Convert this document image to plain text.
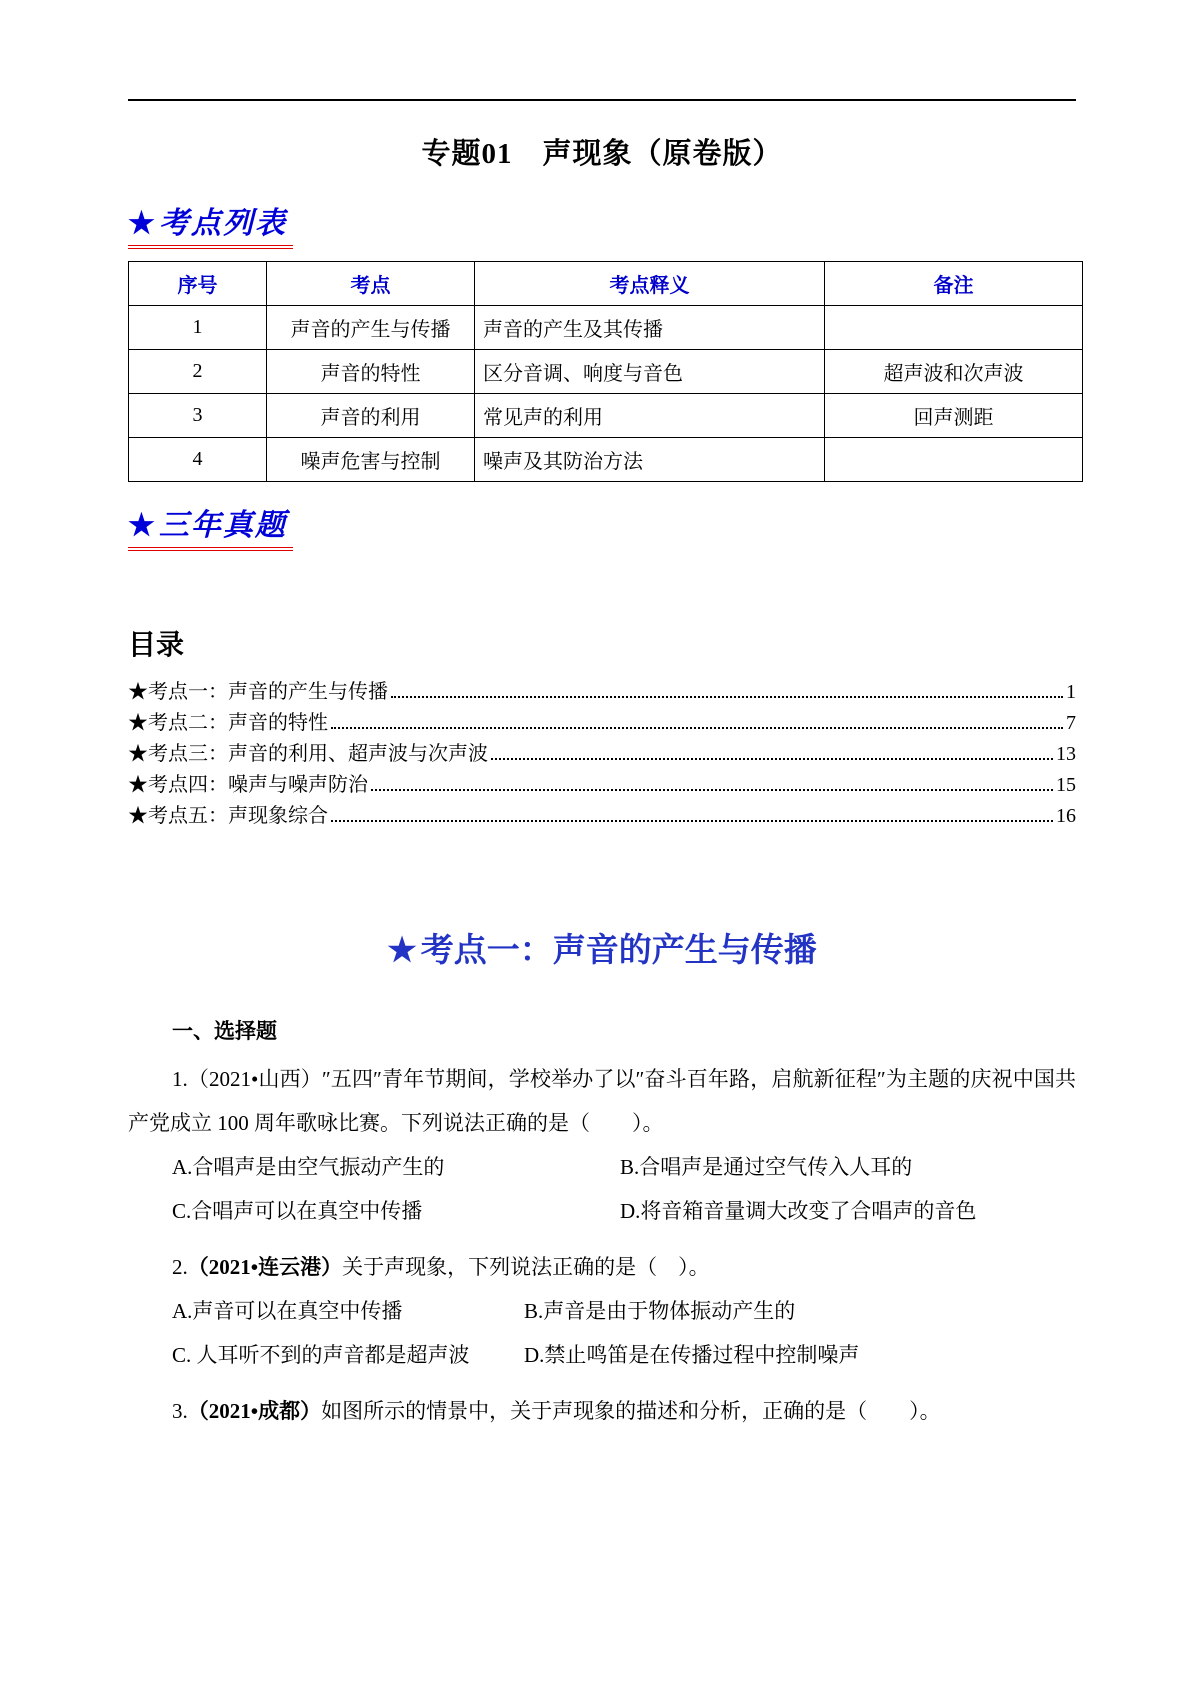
专题01　声现象（原卷版）
★考点列表
序号	考点	考点释义	备注
1	声音的产生与传播	声音的产生及其传播	
2	声音的特性	区分音调、响度与音色	超声波和次声波
3	声音的利用	常见声的利用	回声测距
4	噪声危害与控制	噪声及其防治方法	
★三年真题
目录
★考点一：声音的产生与传播	1
★考点二：声音的特性	7
★考点三：声音的利用、超声波与次声波	13
★考点四：噪声与噪声防治	15
★考点五：声现象综合	16
★ 考点一：声音的产生与传播
一、选择题

1.（2021•山西）″五四″青年节期间，学校举办了以″奋斗百年路，启航新征程″为主题的庆祝中国共产党成立 100 周年歌咏比赛。下列说法正确的是（　　）。

A.合唱声是由空气振动产生的	B.合唱声是通过空气传入人耳的
C.合唱声可以在真空中传播	D.将音箱音量调大改变了合唱声的音色

2.（2021•连云港）关于声现象，下列说法正确的是（　）。

A.声音可以在真空中传播	B.声音是由于物体振动产生的
C. 人耳听不到的声音都是超声波	D.禁止鸣笛是在传播过程中控制噪声

3.（2021•成都）如图所示的情景中，关于声现象的描述和分析，正确的是（　　）。
